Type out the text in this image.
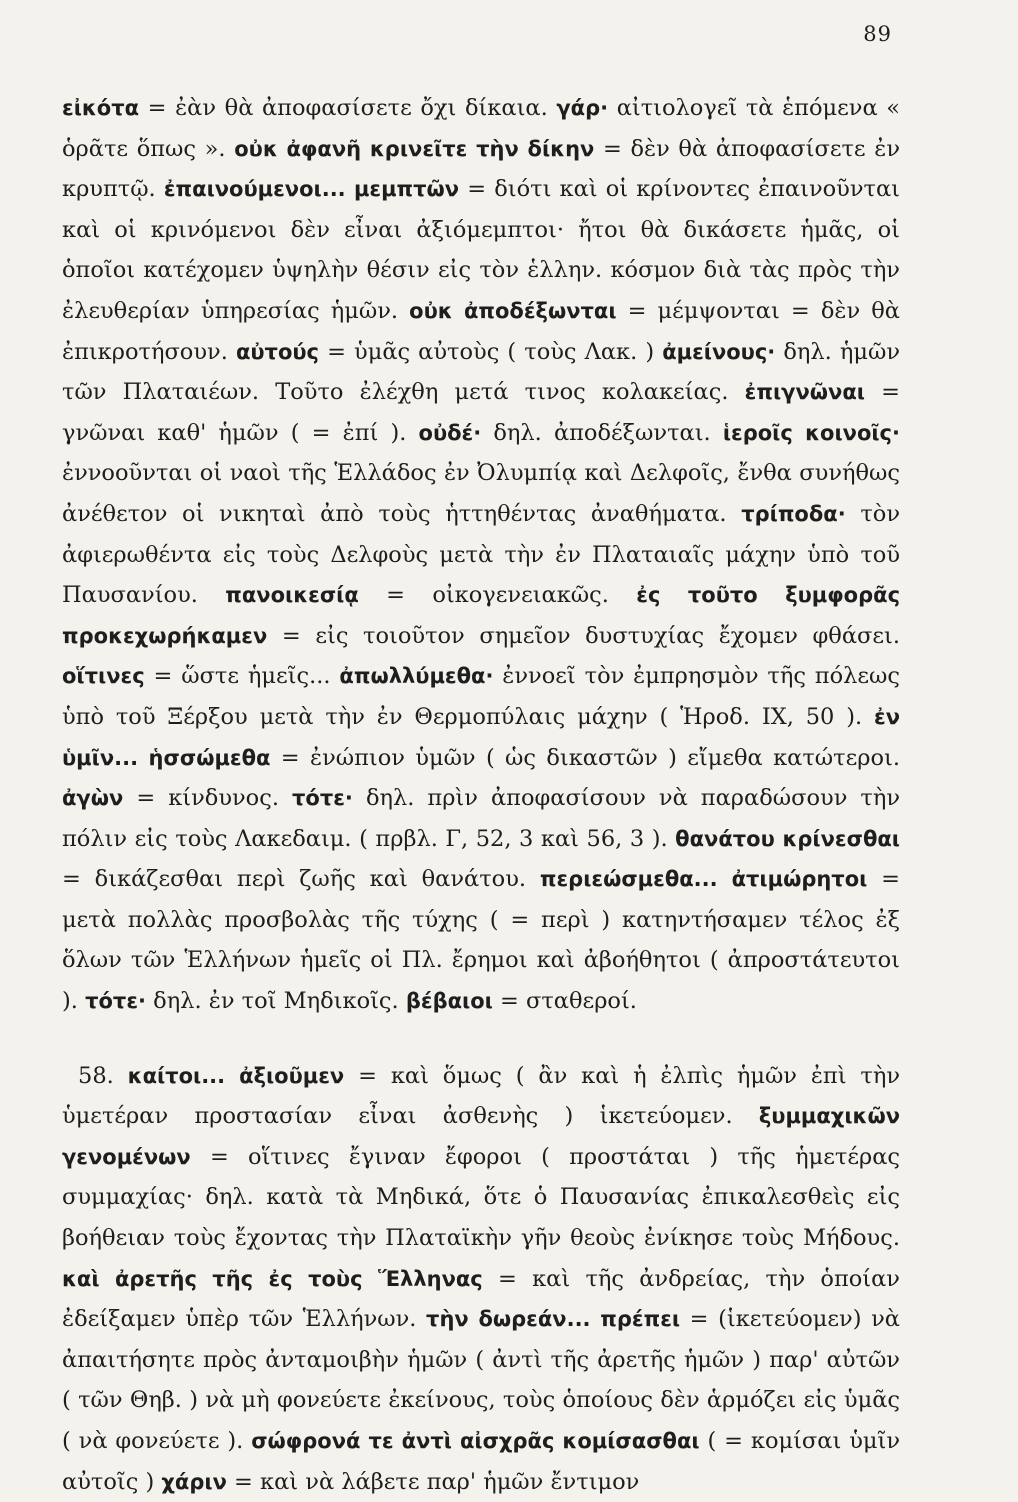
89

εἰκότα = ἐὰν θὰ ἀποφασίσετε ὄχι δίκαια. γάρ· αἰτιολογεῖ τὰ ἑπόμενα « ὁρᾶτε ὅπως ». οὐκ ἀφανῆ κρινεῖτε τὴν δίκην = δὲν θὰ ἀποφασίσετε ἐν κρυπτῷ. ἐπαινούμενοι... μεμπτῶν = διότι καὶ οἱ κρίνοντες ἐπαινοῦνται καὶ οἱ κρινόμενοι δὲν εἶναι ἀξιόμεμπτοι· ἤτοι θὰ δικάσετε ἡμᾶς, οἱ ὁποῖοι κατέχομεν ὑψηλὴν θέσιν εἰς τὸν ἑλλην. κόσμον διὰ τὰς πρὸς τὴν ἐλευθερίαν ὑπηρεσίας ἡμῶν. οὐκ ἀποδέξωνται = μέμψονται = δὲν θὰ ἐπικροτήσουν. αὐτούς = ὑμᾶς αὐτοὺς ( τοὺς Λακ. ) ἀμείνους· δηλ. ἡμῶν τῶν Πλαταιέων. Τοῦτο ἐλέχθη μετά τινος κολακείας. ἐπιγνῶναι = γνῶναι καθ' ἡμῶν ( = ἐπί ). οὐδέ· δηλ. ἀποδέξωνται. ἱεροῖς κοινοῖς· ἐννοοῦνται οἱ ναοὶ τῆς Ἑλλάδος ἐν Ὀλυμπίᾳ καὶ Δελφοῖς, ἔνθα συνήθως ἀνέθετον οἱ νικηταὶ ἀπὸ τοὺς ἡττηθέντας ἀναθήματα. τρίποδα· τὸν ἀφιερωθέντα εἰς τοὺς Δελφοὺς μετὰ τὴν ἐν Πλαταιαῖς μάχην ὑπὸ τοῦ Παυσανίου. πανοικεσίᾳ = οἰκογενειακῶς. ἐς τοῦτο ξυμφορᾶς προκεχωρήκαμεν = εἰς τοιοῦτον σημεῖον δυστυχίας ἔχομεν φθάσει. οἵτινες = ὥστε ἡμεῖς... ἀπωλλύμεθα· ἐννοεῖ τὸν ἐμπρησμὸν τῆς πόλεως ὑπὸ τοῦ Ξέρξου μετὰ τὴν ἐν Θερμοπύλαις μάχην ( Ἡροδ. ΙΧ, 50 ). ἐν ὑμῖν... ἡσσώμεθα = ἐνώπιον ὑμῶν ( ὡς δικαστῶν ) εἴμεθα κατώτεροι. ἀγὼν = κίνδυνος. τότε· δηλ. πρὶν ἀποφασίσουν νὰ παραδώσουν τὴν πόλιν εἰς τοὺς Λακεδαιμ. ( πρβλ. Γ, 52, 3 καὶ 56, 3 ). θανάτου κρίνεσθαι = δικάζεσθαι περὶ ζωῆς καὶ θανάτου. περιεώσμεθα... ἀτιμώρητοι = μετὰ πολλὰς προσβολὰς τῆς τύχης ( = περὶ ) κατηντήσαμεν τέλος ἐξ ὅλων τῶν Ἑλλήνων ἡμεῖς οἱ Πλ. ἔρημοι καὶ ἀβοήθητοι ( ἀπροστάτευτοι ). τότε· δηλ. ἐν τοῖ Μηδικοῖς. βέβαιοι = σταθεροί.

58. καίτοι... ἀξιοῦμεν = καὶ ὅμως ( ἂν καὶ ἡ ἐλπὶς ἡμῶν ἐπὶ τὴν ὑμετέραν προστασίαν εἶναι ἀσθενὴς ) ἱκετεύομεν. ξυμμαχικῶν γενομένων = οἵτινες ἔγιναν ἔφοροι ( προστάται ) τῆς ἡμετέρας συμμαχίας· δηλ. κατὰ τὰ Μηδικά, ὅτε ὁ Παυσανίας ἐπικαλεσθεὶς εἰς βοήθειαν τοὺς ἔχοντας τὴν Πλαταϊκὴν γῆν θεοὺς ἐνίκησε τοὺς Μήδους. καὶ ἀρετῆς τῆς ἐς τοὺς Ἕλληνας = καὶ τῆς ἀνδρείας, τὴν ὁποίαν ἐδείξαμεν ὑπὲρ τῶν Ἑλλήνων. τὴν δωρεάν... πρέπει = (ἱκετεύομεν) νὰ ἀπαιτήσητε πρὸς ἀνταμοιβὴν ἡμῶν ( ἀντὶ τῆς ἀρετῆς ἡμῶν ) παρ' αὐτῶν ( τῶν Θηβ. ) νὰ μὴ φονεύετε ἐκείνους, τοὺς ὁποίους δὲν ἁρμόζει εἰς ὑμᾶς ( νὰ φονεύετε ). σώφρονά τε ἀντὶ αἰσχρᾶς κομίσασθαι ( = κομίσαι ὑμῖν αὐτοῖς ) χάριν = καὶ νὰ λάβετε παρ' ἡμῶν ἔντιμον
